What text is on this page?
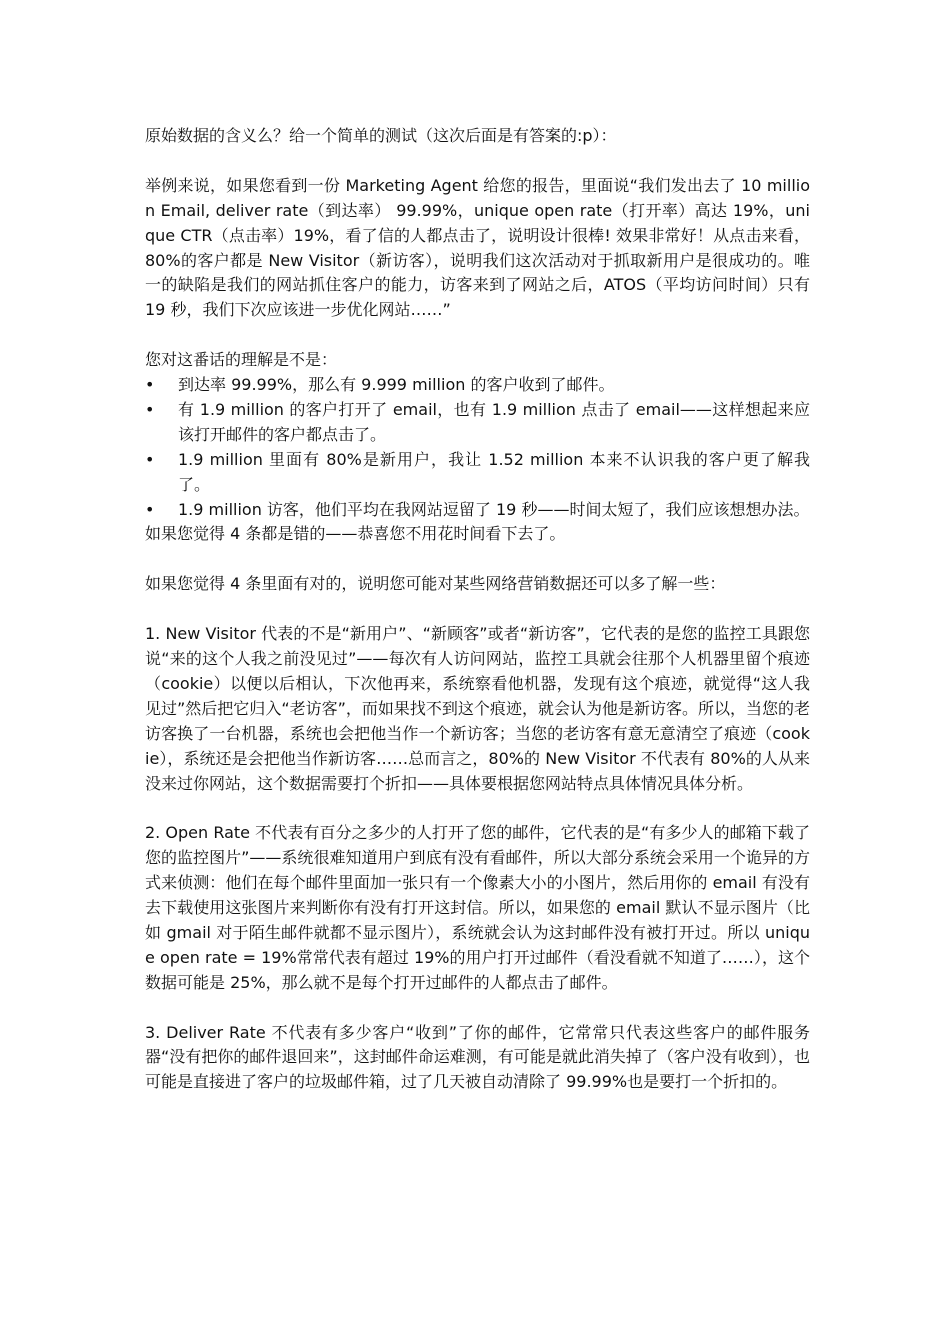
原始数据的含义么？给一个简单的测试（这次后面是有答案的:p）：

举例来说，如果您看到一份 Marketing Agent 给您的报告，里面说“我们发出去了 10 million Email, deliver rate（到达率） 99.99%，unique open rate（打开率）高达 19%，unique CTR（点击率）19%，看了信的人都点击了，说明设计很棒! 效果非常好！从点击来看，80%的客户都是 New Visitor（新访客），说明我们这次活动对于抓取新用户是很成功的。唯一的缺陷是我们的网站抓住客户的能力，访客来到了网站之后，ATOS（平均访问时间）只有 19 秒，我们下次应该进一步优化网站……”

您对这番话的理解是不是：

• 到达率 99.99%，那么有 9.999 million 的客户收到了邮件。
• 有 1.9 million 的客户打开了 email，也有 1.9 million 点击了 email——这样想起来应该打开邮件的客户都点击了。
• 1.9 million 里面有 80%是新用户，我让 1.52 million 本来不认识我的客户更了解我了。
• 1.9 million 访客，他们平均在我网站逗留了 19 秒——时间太短了，我们应该想想办法。

如果您觉得 4 条都是错的——恭喜您不用花时间看下去了。

如果您觉得 4 条里面有对的，说明您可能对某些网络营销数据还可以多了解一些：

1. New Visitor 代表的不是“新用户”、“新顾客”或者“新访客”，它代表的是您的监控工具跟您说“来的这个人我之前没见过”——每次有人访问网站，监控工具就会往那个人机器里留个痕迹（cookie）以便以后相认，下次他再来，系统察看他机器，发现有这个痕迹，就觉得“这人我见过”然后把它归入“老访客”，而如果找不到这个痕迹，就会认为他是新访客。所以，当您的老访客换了一台机器，系统也会把他当作一个新访客；当您的老访客有意无意清空了痕迹（cookie），系统还是会把他当作新访客……总而言之，80%的 New Visitor 不代表有 80%的人从来没来过你网站，这个数据需要打个折扣——具体要根据您网站特点具体情况具体分析。

2. Open Rate 不代表有百分之多少的人打开了您的邮件，它代表的是“有多少人的邮箱下载了您的监控图片”——系统很难知道用户到底有没有看邮件，所以大部分系统会采用一个诡异的方式来侦测：他们在每个邮件里面加一张只有一个像素大小的小图片，然后用你的 email 有没有去下载使用这张图片来判断你有没有打开这封信。所以，如果您的 email 默认不显示图片（比如 gmail 对于陌生邮件就都不显示图片），系统就会认为这封邮件没有被打开过。所以 unique open rate = 19%常常代表有超过 19%的用户打开过邮件（看没看就不知道了……），这个数据可能是 25%，那么就不是每个打开过邮件的人都点击了邮件。

3. Deliver Rate 不代表有多少客户“收到”了你的邮件，它常常只代表这些客户的邮件服务器“没有把你的邮件退回来”，这封邮件命运难测，有可能是就此消失掉了（客户没有收到），也可能是直接进了客户的垃圾邮件箱，过了几天被自动清除了 99.99%也是要打一个折扣的。
